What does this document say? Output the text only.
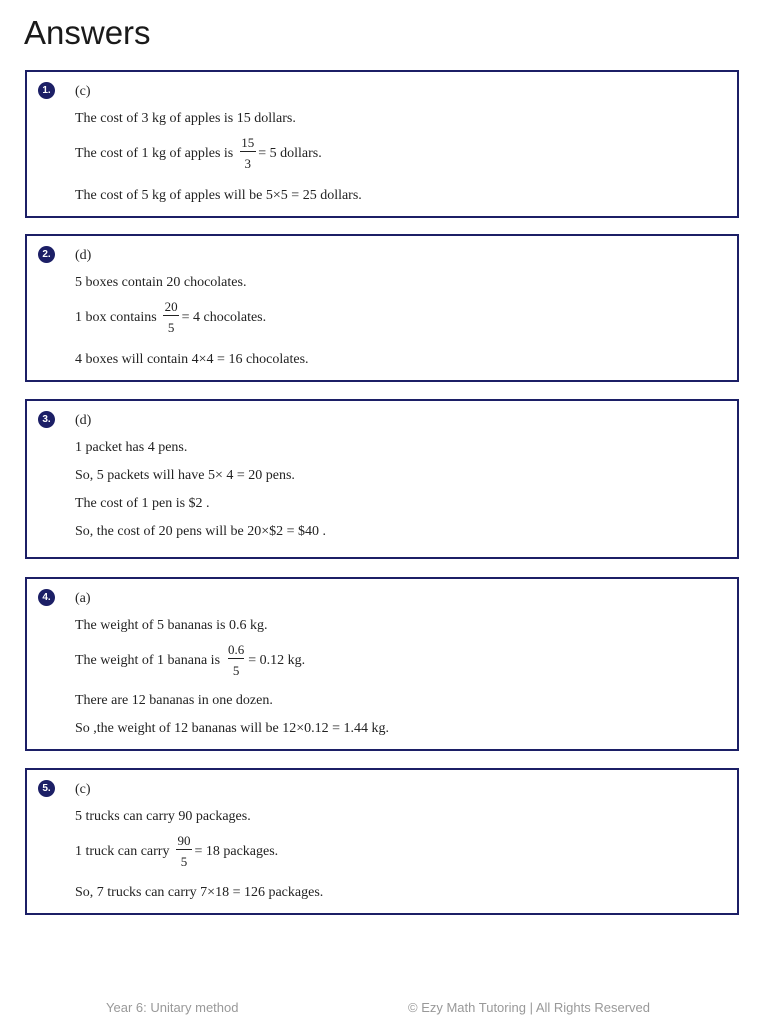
Answers
1.	(c)
The cost of 3 kg of apples is 15 dollars.
The cost of 1 kg of apples is $\frac{15}{3} = 5$ dollars.
The cost of 5 kg of apples will be 5×5 = 25 dollars.
2.	(d)
5 boxes contain 20 chocolates.
1 box contains $\frac{20}{5} = 4$ chocolates.
4 boxes will contain 4×4 = 16 chocolates.
3.	(d)
1 packet has 4 pens.
So, 5 packets will have 5× 4 = 20 pens.
The cost of 1 pen is $2 .
So, the cost of 20 pens will be 20×$2 = $40 .
4.	(a)
The weight of 5 bananas is 0.6 kg.
The weight of 1 banana is $\frac{0.6}{5} = 0.12$ kg.
There are 12 bananas in one dozen.
So ,the weight of 12 bananas will be 12×0.12 = 1.44 kg.
5.	(c)
5 trucks can carry 90 packages.
1 truck can carry $\frac{90}{5} = 18$ packages.
So, 7 trucks can carry 7×18 = 126 packages.
Year 6: Unitary method	© Ezy Math Tutoring | All Rights Reserved
